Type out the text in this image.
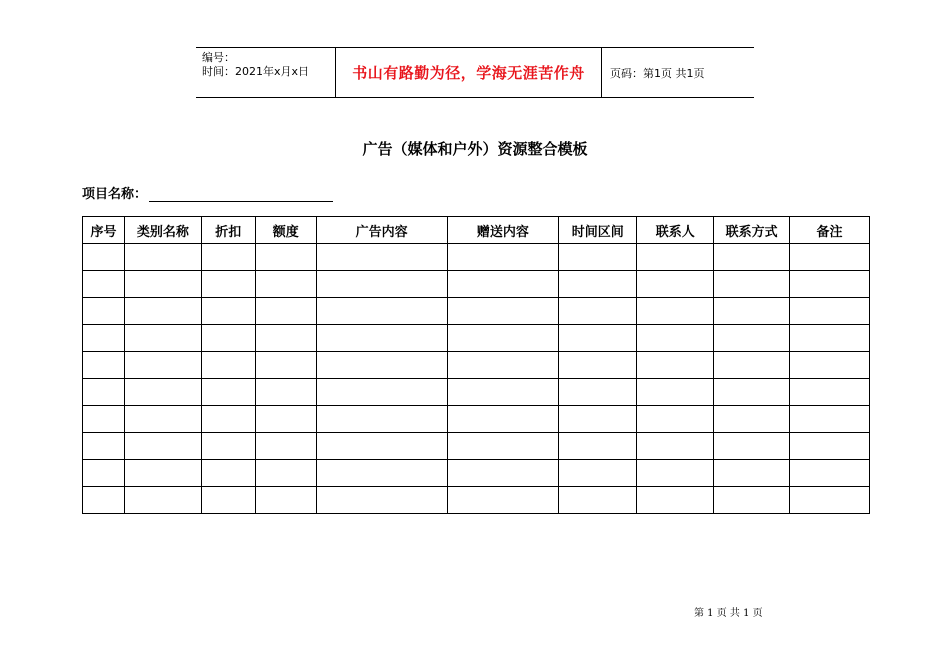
编号：
时间：2021年x月x日	书山有路勤为径，学海无涯苦作舟	页码：第1页 共1页
广告（媒体和户外）资源整合模板
项目名称：
序号	类别名称	折扣	额度	广告内容	赠送内容	时间区间	联系人	联系方式	备注

第 1 页 共 1 页
